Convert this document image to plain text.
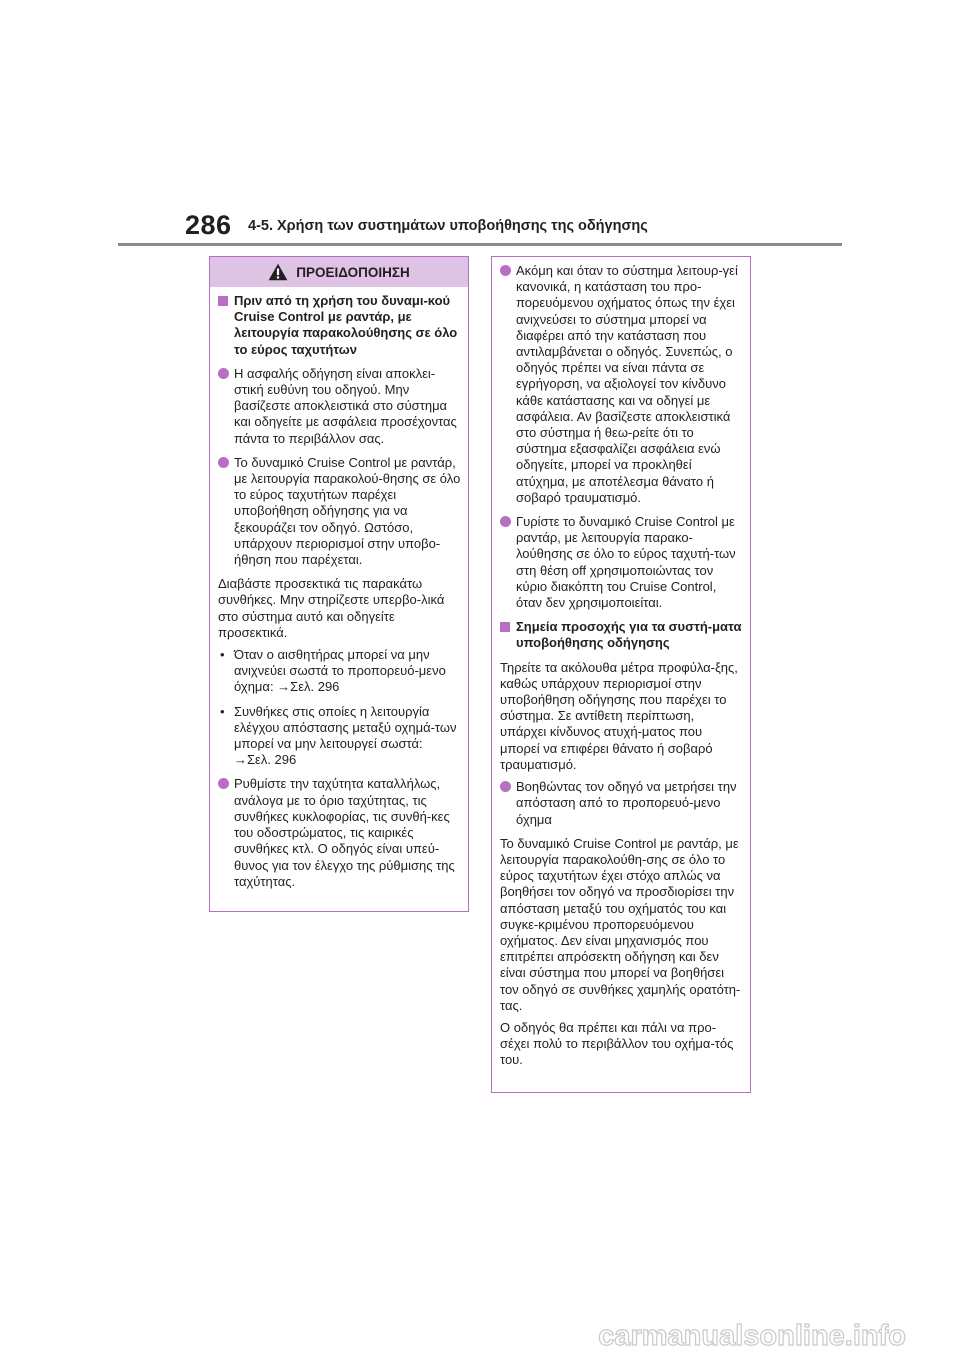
286 4-5. Χρήση των συστημάτων υποβοήθησης της οδήγησης
ΠΡΟΕΙΔΟΠΟΙΗΣΗ
Πριν από τη χρήση του δυναμι-κού Cruise Control με ραντάρ, με λειτουργία παρακολούθησης σε όλο το εύρος ταχυτήτων
Η ασφαλής οδήγηση είναι αποκλει-στική ευθύνη του οδηγού. Μην βασίζεστε αποκλειστικά στο σύστημα και οδηγείτε με ασφάλεια προσέχοντας πάντα το περιβάλλον σας.
Το δυναμικό Cruise Control με ραντάρ, με λειτουργία παρακολού-θησης σε όλο το εύρος ταχυτήτων παρέχει υποβοήθηση οδήγησης για να ξεκουράζει τον οδηγό. Ωστόσο, υπάρχουν περιορισμοί στην υποβο-ήθηση που παρέχεται.
Διαβάστε προσεκτικά τις παρακάτω συνθήκες. Μην στηρίζεστε υπερβο-λικά στο σύστημα αυτό και οδηγείτε προσεκτικά.
• Όταν ο αισθητήρας μπορεί να μην ανιχνεύει σωστά το προπορευό-μενο όχημα: →Σελ. 296
• Συνθήκες στις οποίες η λειτουργία ελέγχου απόστασης μεταξύ οχημά-των μπορεί να μην λειτουργεί σωστά: →Σελ. 296
Ρυθμίστε την ταχύτητα καταλλήλως, ανάλογα με το όριο ταχύτητας, τις συνθήκες κυκλοφορίας, τις συνθή-κες του οδοστρώματος, τις καιρικές συνθήκες κτλ. Ο οδηγός είναι υπεύ-θυνος για τον έλεγχο της ρύθμισης της ταχύτητας.
Ακόμη και όταν το σύστημα λειτουρ-γεί κανονικά, η κατάσταση του προ-πορευόμενου οχήματος όπως την έχει ανιχνεύσει το σύστημα μπορεί να διαφέρει από την κατάσταση που αντιλαμβάνεται ο οδηγός. Συνεπώς, ο οδηγός πρέπει να είναι πάντα σε εγρήγορση, να αξιολογεί τον κίνδυνο κάθε κατάστασης και να οδηγεί με ασφάλεια. Αν βασίζεστε αποκλειστικά στο σύστημα ή θεω-ρείτε ότι το σύστημα εξασφαλίζει ασφάλεια ενώ οδηγείτε, μπορεί να προκληθεί ατύχημα, με αποτέλεσμα θάνατο ή σοβαρό τραυματισμό.
Γυρίστε το δυναμικό Cruise Control με ραντάρ, με λειτουργία παρακο-λούθησης σε όλο το εύρος ταχυτή-των στη θέση off χρησιμοποιώντας τον κύριο διακόπτη του Cruise Control, όταν δεν χρησιμοποιείται.
Σημεία προσοχής για τα συστή-ματα υποβοήθησης οδήγησης
Τηρείτε τα ακόλουθα μέτρα προφύλα-ξης, καθώς υπάρχουν περιορισμοί στην υποβοήθηση οδήγησης που παρέχει το σύστημα. Σε αντίθετη περίπτωση, υπάρχει κίνδυνος ατυχή-ματος που μπορεί να επιφέρει θάνατο ή σοβαρό τραυματισμό.
Βοηθώντας τον οδηγό να μετρήσει την απόσταση από το προπορευό-μενο όχημα
Το δυναμικό Cruise Control με ραντάρ, με λειτουργία παρακολούθη-σης σε όλο το εύρος ταχυτήτων έχει στόχο απλώς να βοηθήσει τον οδηγό να προσδιορίσει την απόσταση μεταξύ του οχήματός του και συγκε-κριμένου προπορευόμενου οχήματος. Δεν είναι μηχανισμός που επιτρέπει απρόσεκτη οδήγηση και δεν είναι σύστημα που μπορεί να βοηθήσει τον οδηγό σε συνθήκες χαμηλής ορατότη-τας.
Ο οδηγός θα πρέπει και πάλι να προ-σέχει πολύ το περιβάλλον του οχήμα-τός του.
carmanualsonline.info
